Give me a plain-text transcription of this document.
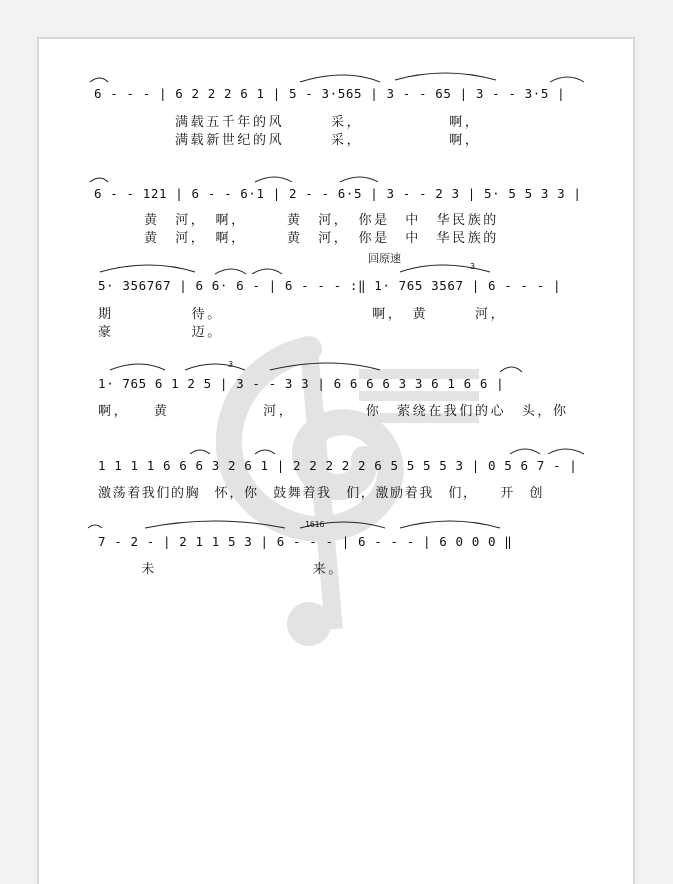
6 - - - | 6 2 2 2 6 1 | 5 - 3·565 | 3 - - 65 | 3 - - 3·5 |
满载五千年的风　　　采，　　　　　　啊，
满载新世纪的风　　　采，　　　　　　啊，
6 - - 121 | 6 - - 6·1 | 2 - - 6·5 | 3 - - 2 3 | 5· 5 5 3 3 |
黄　河，　啊，　　　黄　河，　你是　中　华民族的
黄　河，　啊，　　　黄　河，　你是　中　华民族的
回原速
3
5· 356767 | 6 6· 6 - | 6 - - - :‖ 1· 765 3567 | 6 - - - |
期　　　　　待。　　　　　　　　　　啊，　黄　　　河，
豪　　　　　迈。
3
1· 765 6 1 2 5 | 3 - - 3 3 | 6 6 6 6 3 3 6 1 6 6 |
啊，　　黄　　　　　　河，　　　　　你　萦绕在我们的心　头，你
1 1 1 1 6 6 6 3 2 6 1 | 2 2 2 2 2 6 5 5 5 5 3 | 0 5 6 7 - |
激荡着我们的胸　怀，你　鼓舞着我　们，激励着我　们，　　开　创
1616
7 - 2 - | 2 1 1 5 3 | 6 - - - | 6 - - - | 6 0 0 0 ‖
　　未　　　　　　　　　　来。
